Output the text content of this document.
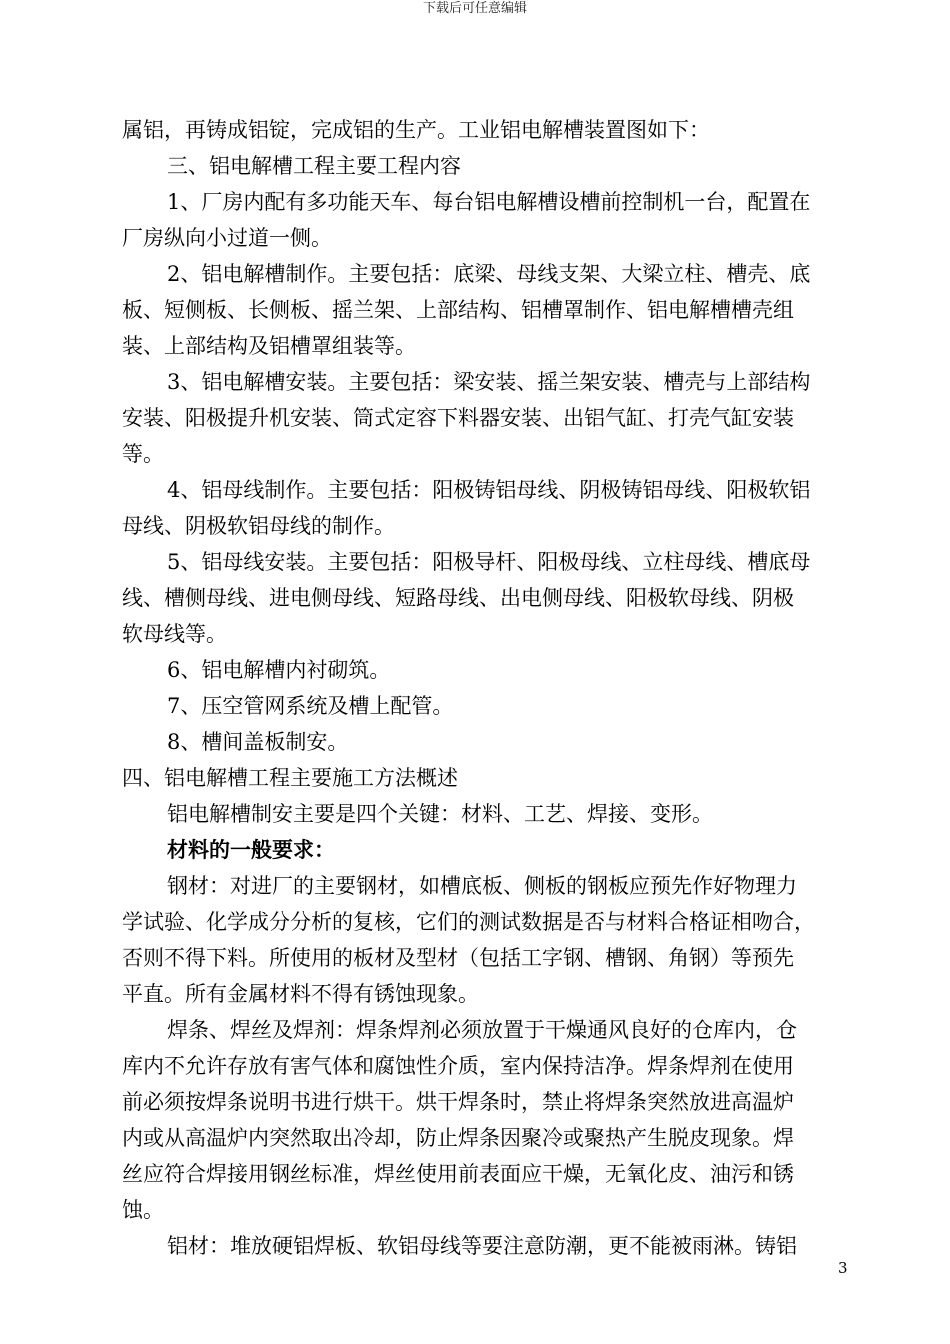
下载后可任意编辑
属铝，再铸成铝锭，完成铝的生产。工业铝电解槽装置图如下：
三、铝电解槽工程主要工程内容
1、厂房内配有多功能天车、每台铝电解槽设槽前控制机一台，配置在
厂房纵向小过道一侧。
2、铝电解槽制作。主要包括：底梁、母线支架、大梁立柱、槽壳、底
板、短侧板、长侧板、摇兰架、上部结构、铝槽罩制作、铝电解槽槽壳组
装、上部结构及铝槽罩组装等。
3、铝电解槽安装。主要包括：梁安装、摇兰架安装、槽壳与上部结构
安装、阳极提升机安装、筒式定容下料器安装、出铝气缸、打壳气缸安装
等。
4、铝母线制作。主要包括：阳极铸铝母线、阴极铸铝母线、阳极软铝
母线、阴极软铝母线的制作。
5、铝母线安装。主要包括：阳极导杆、阳极母线、立柱母线、槽底母
线、槽侧母线、进电侧母线、短路母线、出电侧母线、阳极软母线、阴极
软母线等。
6、铝电解槽内衬砌筑。
7、压空管网系统及槽上配管。
8、槽间盖板制安。
四、铝电解槽工程主要施工方法概述
铝电解槽制安主要是四个关键：材料、工艺、焊接、变形。
材料的一般要求：
钢材：对进厂的主要钢材，如槽底板、侧板的钢板应预先作好物理力
学试验、化学成分分析的复核，它们的测试数据是否与材料合格证相吻合，
否则不得下料。所使用的板材及型材（包括工字钢、槽钢、角钢）等预先
平直。所有金属材料不得有锈蚀现象。
焊条、焊丝及焊剂：焊条焊剂必须放置于干燥通风良好的仓库内，仓
库内不允许存放有害气体和腐蚀性介质，室内保持洁净。焊条焊剂在使用
前必须按焊条说明书进行烘干。烘干焊条时，禁止将焊条突然放进高温炉
内或从高温炉内突然取出冷却，防止焊条因聚冷或聚热产生脱皮现象。焊
丝应符合焊接用钢丝标准，焊丝使用前表面应干燥，无氧化皮、油污和锈
蚀。
铝材：堆放硬铝焊板、软铝母线等要注意防潮，更不能被雨淋。铸铝
3
